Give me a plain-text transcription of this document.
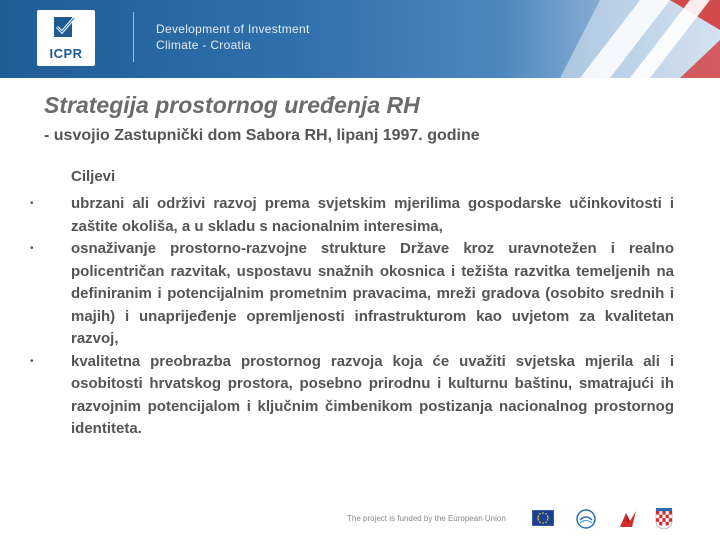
ICPR
Development of Investment
Climate - Croatia
Strategija prostornog uređenja RH
- usvojio Zastupnički dom Sabora RH, lipanj 1997. godine
Ciljevi
• ubrzani ali održivi razvoj prema svjetskim mjerilima gospodarske učinkovitosti i zaštite okoliša, a u skladu s nacionalnim interesima,
• osnaživanje prostorno-razvojne strukture Države kroz uravnotežen i realno policentričan razvitak, uspostavu snažnih okosnica i težišta razvitka temeljenih na definiranim i potencijalnim prometnim pravacima, mreži gradova (osobito srednih i majih) i unaprijeđenje opremljenosti infrastrukturom kao uvjetom za kvalitetan razvoj,
• kvalitetna preobrazba prostornog razvoja koja će uvažiti svjetska mjerila ali i osobitosti hrvatskog prostora, posebno prirodnu i kulturnu baštinu, smatrajući ih razvojnim potencijalom i ključnim čimbenikom postizanja nacionalnog prostornog identiteta.
The project is funded by the European Union
